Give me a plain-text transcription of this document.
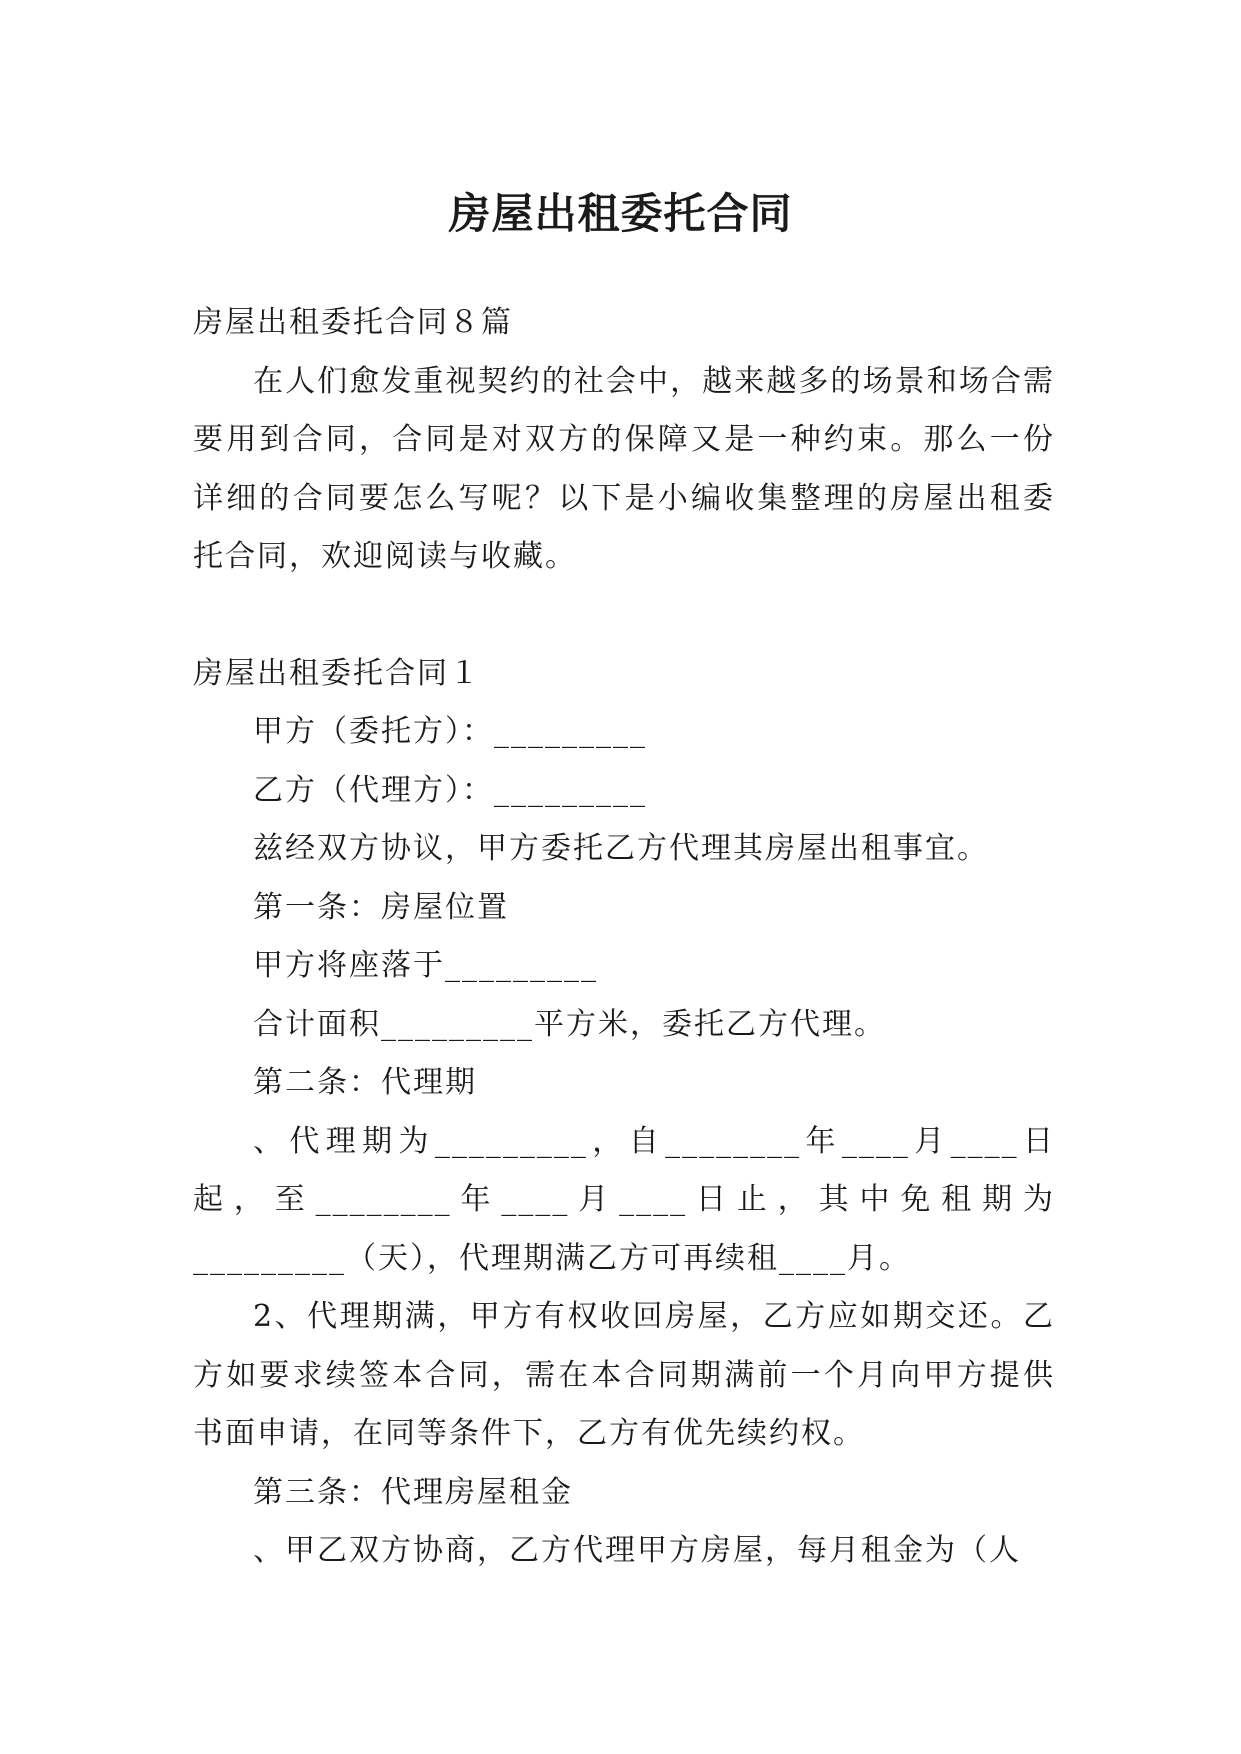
房屋出租委托合同

房屋出租委托合同８篇

在人们愈发重视契约的社会中，越来越多的场景和场合需要用到合同，合同是对双方的保障又是一种约束。那么一份详细的合同要怎么写呢？以下是小编收集整理的房屋出租委托合同，欢迎阅读与收藏。

房屋出租委托合同１

甲方（委托方）：_________

乙方（代理方）：_________

兹经双方协议，甲方委托乙方代理其房屋出租事宜。

第一条：房屋位置

甲方将座落于_________

合计面积_________平方米，委托乙方代理。

第二条：代理期

、代理期为_________，自________年____月____日起，至________年____月____日止，其中免租期为_________（天），代理期满乙方可再续租____月。

2、代理期满，甲方有权收回房屋，乙方应如期交还。乙方如要求续签本合同，需在本合同期满前一个月向甲方提供书面申请，在同等条件下，乙方有优先续约权。

第三条：代理房屋租金

、甲乙双方协商，乙方代理甲方房屋，每月租金为（人
